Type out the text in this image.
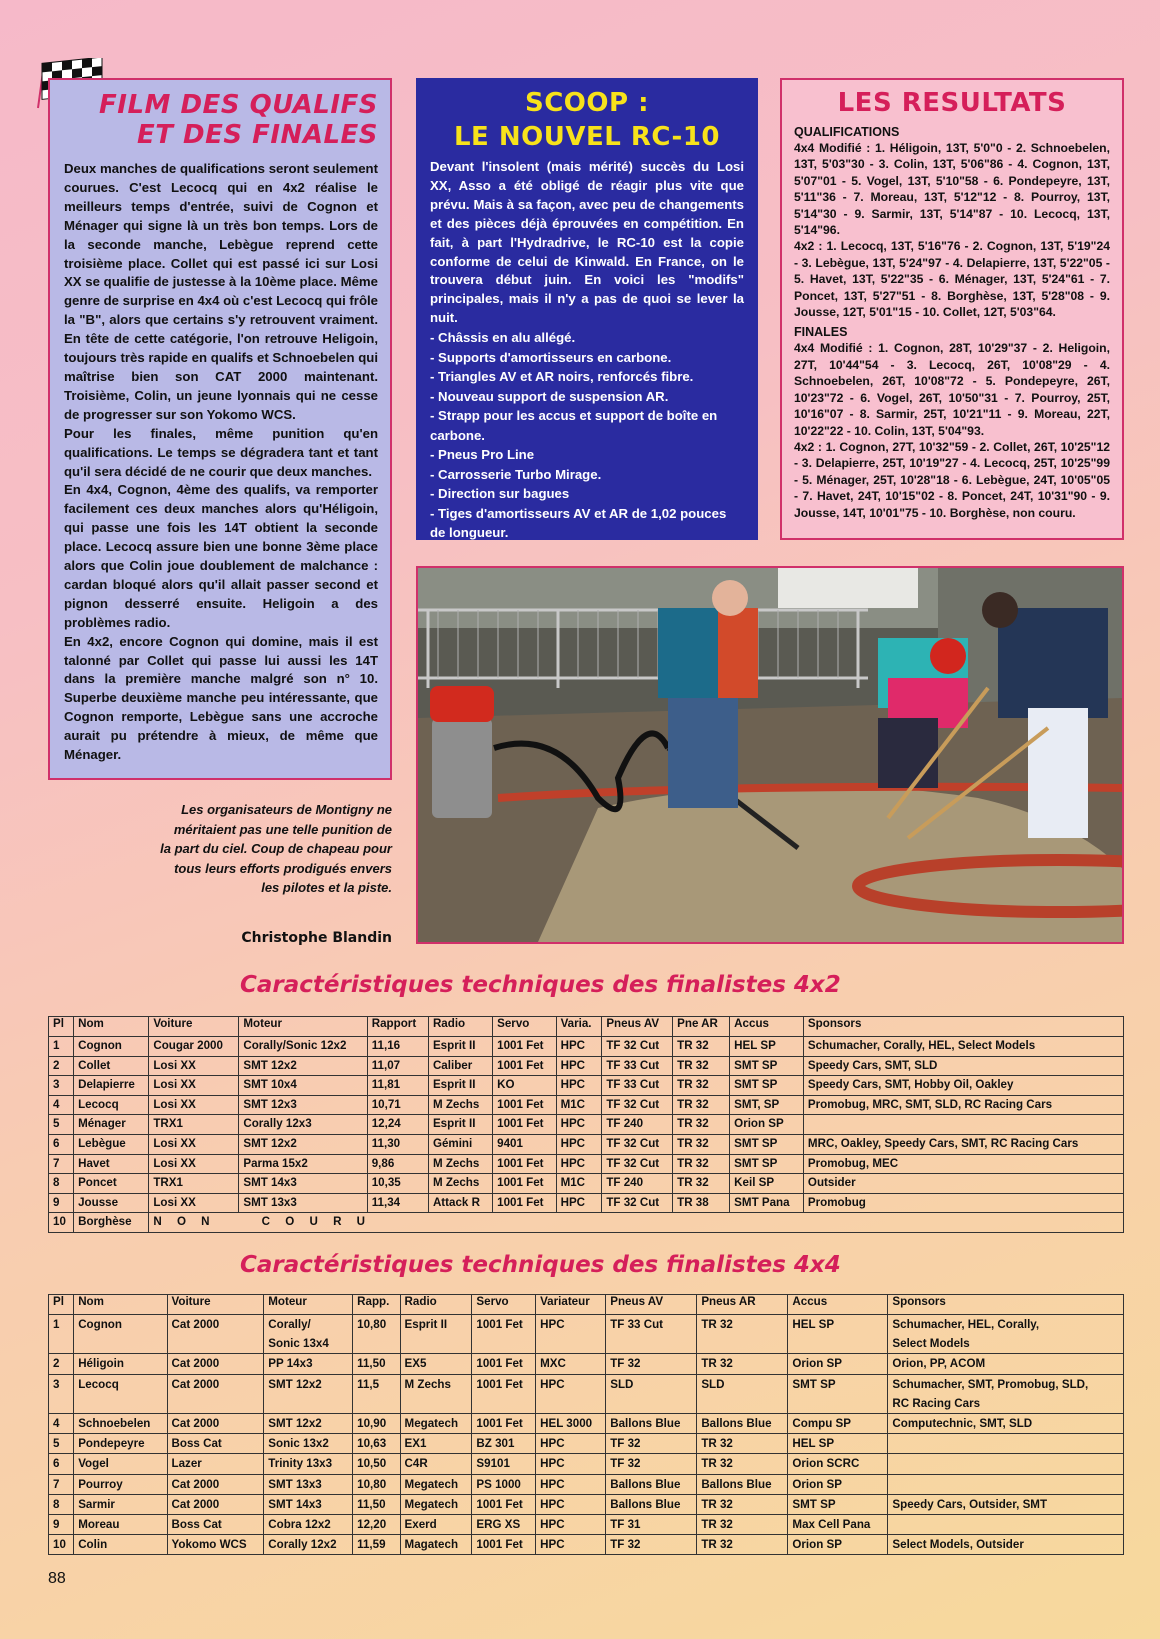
FILM DES QUALIFS
ET DES FINALES

Deux manches de qualifications seront seulement courues. C'est Lecocq qui en 4x2 réalise le meilleurs temps d'entrée, suivi de Cognon et Ménager qui signe là un très bon temps. Lors de la seconde manche, Lebègue reprend cette troisième place. Collet qui est passé ici sur Losi XX se qualifie de justesse à la 10ème place. Même genre de surprise en 4x4 où c'est Lecocq qui frôle la "B", alors que certains s'y retrouvent vraiment. En tête de cette catégorie, l'on retrouve Heligoin, toujours très rapide en qualifs et Schnoebelen qui maîtrise bien son CAT 2000 maintenant. Troisième, Colin, un jeune lyonnais qui ne cesse de progresser sur son Yokomo WCS.

Pour les finales, même punition qu'en qualifications. Le temps se dégradera tant et tant qu'il sera décidé de ne courir que deux manches.

En 4x4, Cognon, 4ème des qualifs, va remporter facilement ces deux manches alors qu'Héligoin, qui passe une fois les 14T obtient la seconde place. Lecocq assure bien une bonne 3ème place alors que Colin joue doublement de malchance : cardan bloqué alors qu'il allait passer second et pignon desserré ensuite. Heligoin a des problèmes radio.

En 4x2, encore Cognon qui domine, mais il est talonné par Collet qui passe lui aussi les 14T dans la première manche malgré son n° 10. Superbe deuxième manche peu intéressante, que Cognon remporte, Lebègue sans une accroche aurait pu prétendre à mieux, de même que Ménager.

SCOOP :
LE NOUVEL RC-10

Devant l'insolent (mais mérité) succès du Losi XX, Asso a été obligé de réagir plus vite que prévu. Mais à sa façon, avec peu de changements et des pièces déjà éprouvées en compétition. En fait, à part l'Hydradrive, le RC-10 est la copie conforme de celui de Kinwald. En France, on le trouvera début juin. En voici les "modifs" principales, mais il n'y a pas de quoi se lever la nuit.

- Châssis en alu allégé.
- Supports d'amortisseurs en carbone.
- Triangles AV et AR noirs, renforcés fibre.
- Nouveau support de suspension AR.
- Strapp pour les accus et support de boîte en carbone.
- Pneus Pro Line
- Carrosserie Turbo Mirage.
- Direction sur bagues
- Tiges d'amortisseurs AV et AR de 1,02 pouces de longueur.
LES RESULTATS
QUALIFICATIONS

4x4 Modifié : 1. Héligoin, 13T, 5'0"0 - 2. Schnoebelen, 13T, 5'03"30 - 3. Colin, 13T, 5'06"86 - 4. Cognon, 13T, 5'07"01 - 5. Vogel, 13T, 5'10"58 - 6. Pondepeyre, 13T, 5'11"36 - 7. Moreau, 13T, 5'12"12 - 8. Pourroy, 13T, 5'14"30 - 9. Sarmir, 13T, 5'14"87 - 10. Lecocq, 13T, 5'14"96.

4x2 : 1. Lecocq, 13T, 5'16"76 - 2. Cognon, 13T, 5'19"24 - 3. Lebègue, 13T, 5'24"97 - 4. Delapierre, 13T, 5'22"05 - 5. Havet, 13T, 5'22"35 - 6. Ménager, 13T, 5'24"61 - 7. Poncet, 13T, 5'27"51 - 8. Borghèse, 13T, 5'28"08 - 9. Jousse, 12T, 5'01"15 - 10. Collet, 12T, 5'03"64.

FINALES

4x4 Modifié : 1. Cognon, 28T, 10'29"37 - 2. Heligoin, 27T, 10'44"54 - 3. Lecocq, 26T, 10'08"29 - 4. Schnoebelen, 26T, 10'08"72 - 5. Pondepeyre, 26T, 10'23"72 - 6. Vogel, 26T, 10'50"31 - 7. Pourroy, 25T, 10'16"07 - 8. Sarmir, 25T, 10'21"11 - 9. Moreau, 22T, 10'22"22 - 10. Colin, 13T, 5'04"93.

4x2 : 1. Cognon, 27T, 10'32"59 - 2. Collet, 26T, 10'25"12 - 3. Delapierre, 25T, 10'19"27 - 4. Lecocq, 25T, 10'25"99 - 5. Ménager, 25T, 10'28"18 - 6. Lebègue, 24T, 10'05"05 - 7. Havet, 24T, 10'15"02 - 8. Poncet, 24T, 10'31"90 - 9. Jousse, 14T, 10'01"75 - 10. Borghèse, non couru.

Les organisateurs de Montigny ne méritaient pas une telle punition de la part du ciel. Coup de chapeau pour tous leurs efforts prodigués envers les pilotes et la piste.
Christophe Blandin
Caractéristiques techniques des finalistes 4x2
Pl	Nom	Voiture	Moteur	Rapport	Radio	Servo	Varia.	Pneus AV	Pne AR	Accus	Sponsors
1	Cognon	Cougar 2000	Corally/Sonic 12x2	11,16	Esprit II	1001 Fet	HPC	TF 32 Cut	TR 32	HEL SP	Schumacher, Corally, HEL, Select Models
2	Collet	Losi XX	SMT 12x2	11,07	Caliber	1001 Fet	HPC	TF 33 Cut	TR 32	SMT SP	Speedy Cars, SMT, SLD
3	Delapierre	Losi XX	SMT 10x4	11,81	Esprit II	KO	HPC	TF 33 Cut	TR 32	SMT SP	Speedy Cars, SMT, Hobby Oil, Oakley
4	Lecocq	Losi XX	SMT 12x3	10,71	M Zechs	1001 Fet	M1C	TF 32 Cut	TR 32	SMT, SP	Promobug, MRC, SMT, SLD, RC Racing Cars
5	Ménager	TRX1	Corally 12x3	12,24	Esprit II	1001 Fet	HPC	TF 240	TR 32	Orion SP	
6	Lebègue	Losi XX	SMT 12x2	11,30	Gémini	9401	HPC	TF 32 Cut	TR 32	SMT SP	MRC, Oakley, Speedy Cars, SMT, RC Racing Cars
7	Havet	Losi XX	Parma 15x2	9,86	M Zechs	1001 Fet	HPC	TF 32 Cut	TR 32	SMT SP	Promobug, MEC
8	Poncet	TRX1	SMT 14x3	10,35	M Zechs	1001 Fet	M1C	TF 240	TR 32	Keil SP	Outsider
9	Jousse	Losi XX	SMT 13x3	11,34	Attack R	1001 Fet	HPC	TF 32 Cut	TR 38	SMT Pana	Promobug
10	Borghèse	N O N     C O U R U									
Caractéristiques techniques des finalistes 4x4
Pl	Nom	Voiture	Moteur	Rapp.	Radio	Servo	Variateur	Pneus AV	Pneus AR	Accus	Sponsors
1	Cognon	Cat 2000	Corally/
Sonic 13x4	10,80	Esprit II	1001 Fet	HPC	TF 33 Cut	TR 32	HEL SP	Schumacher, HEL, Corally,
Select Models
2	Héligoin	Cat 2000	PP 14x3	11,50	EX5	1001 Fet	MXC	TF 32	TR 32	Orion SP	Orion, PP, ACOM
3	Lecocq	Cat 2000	SMT 12x2	11,5	M Zechs	1001 Fet	HPC	SLD	SLD	SMT SP	Schumacher, SMT, Promobug, SLD,
RC Racing Cars
4	Schnoebelen	Cat 2000	SMT 12x2	10,90	Megatech	1001 Fet	HEL 3000	Ballons Blue	Ballons Blue	Compu SP	Computechnic, SMT, SLD
5	Pondepeyre	Boss Cat	Sonic 13x2	10,63	EX1	BZ 301	HPC	TF 32	TR 32	HEL SP	
6	Vogel	Lazer	Trinity 13x3	10,50	C4R	S9101	HPC	TF 32	TR 32	Orion SCRC	
7	Pourroy	Cat 2000	SMT 13x3	10,80	Megatech	PS 1000	HPC	Ballons Blue	Ballons Blue	Orion SP	
8	Sarmir	Cat 2000	SMT 14x3	11,50	Megatech	1001 Fet	HPC	Ballons Blue	TR 32	SMT SP	Speedy Cars, Outsider, SMT
9	Moreau	Boss Cat	Cobra 12x2	12,20	Exerd	ERG XS	HPC	TF 31	TR 32	Max Cell Pana	
10	Colin	Yokomo WCS	Corally 12x2	11,59	Magatech	1001 Fet	HPC	TF 32	TR 32	Orion SP	Select Models, Outsider
88
